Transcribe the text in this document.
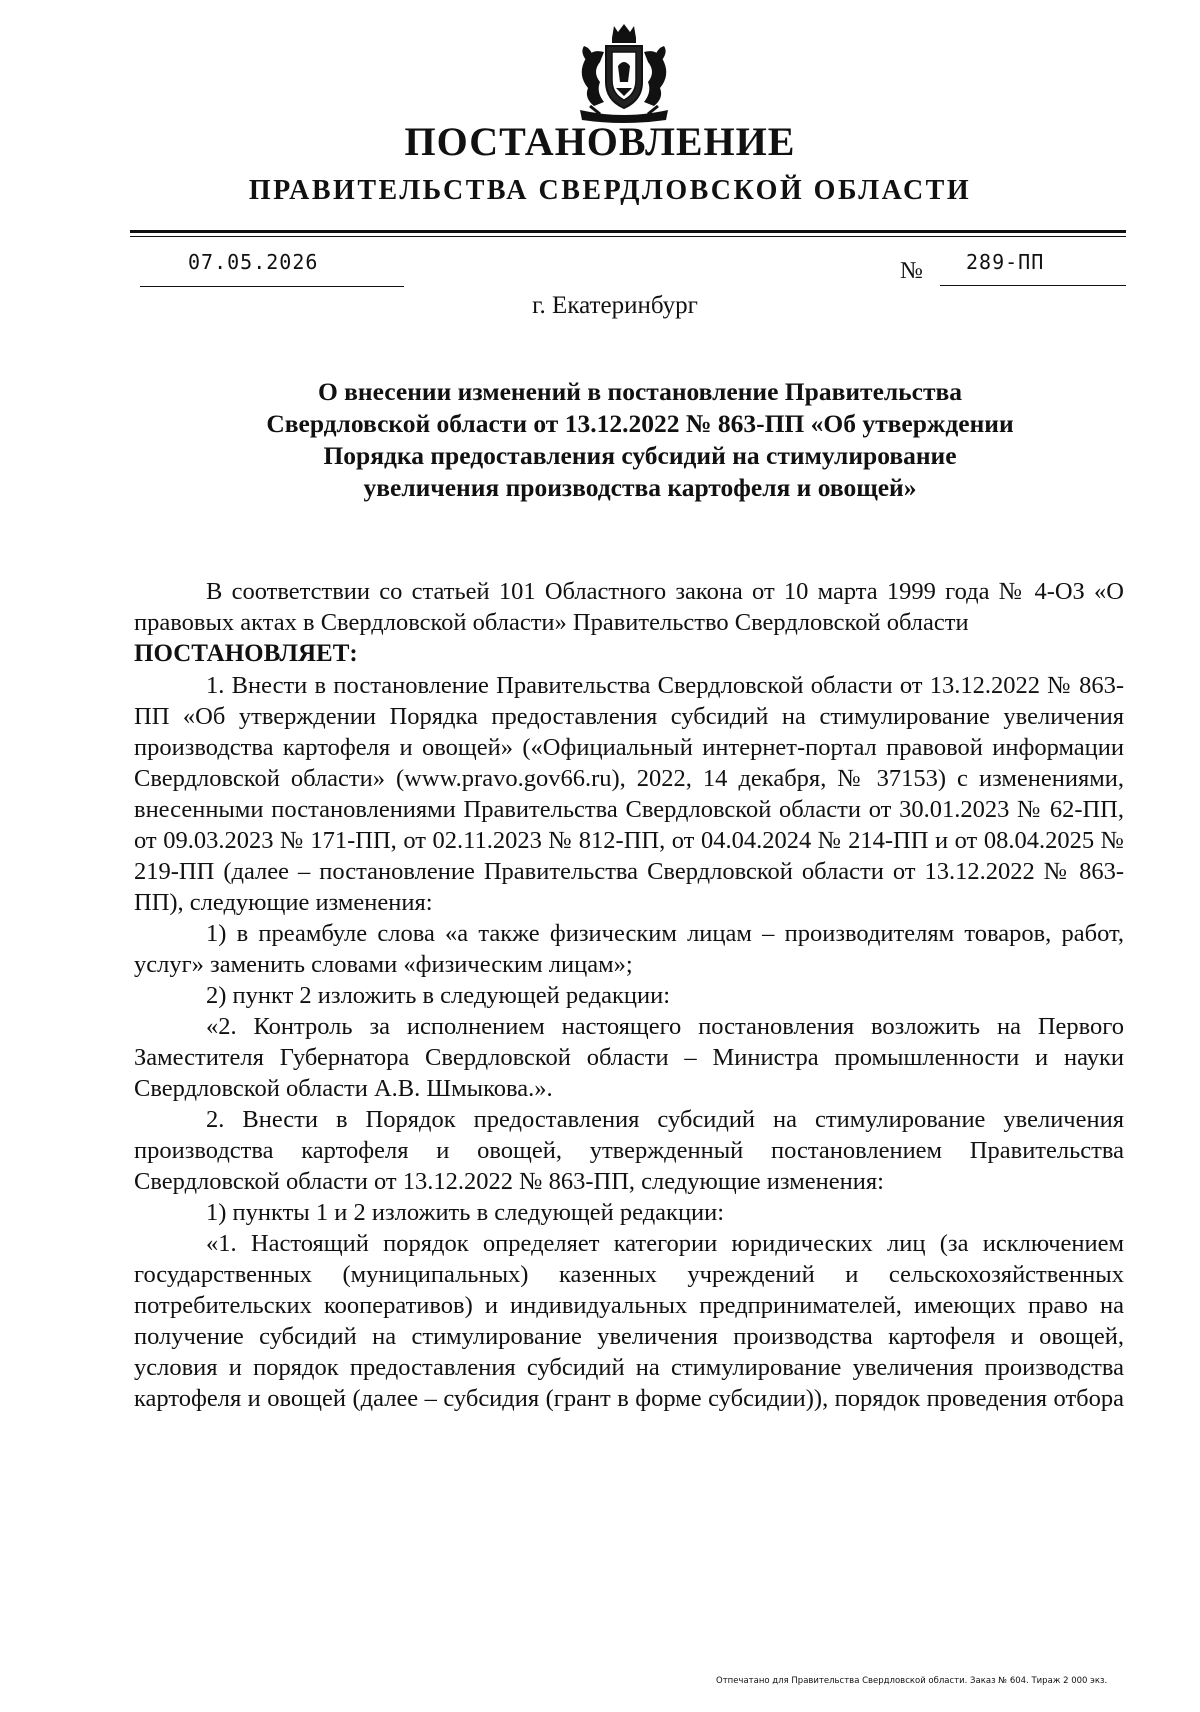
ПОСТАНОВЛЕНИЕ
ПРАВИТЕЛЬСТВА СВЕРДЛОВСКОЙ ОБЛАСТИ
07.05.2026	№ 289-ПП
г. Екатеринбург
О внесении изменений в постановление Правительства
Свердловской области от 13.12.2022 № 863-ПП «Об утверждении
Порядка предоставления субсидий на стимулирование
увеличения производства картофеля и овощей»

В соответствии со статьей 101 Областного закона от 10 марта 1999 года № 4-ОЗ «О правовых актах в Свердловской области» Правительство Свердловской области

ПОСТАНОВЛЯЕТ:

1. Внести в постановление Правительства Свердловской области от 13.12.2022 № 863-ПП «Об утверждении Порядка предоставления субсидий на стимулирование увеличения производства картофеля и овощей» («Официальный интернет-портал правовой информации Свердловской области» (www.pravo.gov66.ru), 2022, 14 декабря, № 37153) с изменениями, внесенными постановлениями Правительства Свердловской области от 30.01.2023 № 62-ПП, от 09.03.2023 № 171-ПП, от 02.11.2023 № 812-ПП, от 04.04.2024 № 214-ПП и от 08.04.2025 № 219-ПП (далее – постановление Правительства Свердловской области от 13.12.2022 № 863-ПП), следующие изменения:

1) в преамбуле слова «а также физическим лицам – производителям товаров, работ, услуг» заменить словами «физическим лицам»;

2) пункт 2 изложить в следующей редакции:

«2. Контроль за исполнением настоящего постановления возложить на Первого Заместителя Губернатора Свердловской области – Министра промышленности и науки Свердловской области А.В. Шмыкова.».

2. Внести в Порядок предоставления субсидий на стимулирование увеличения производства картофеля и овощей, утвержденный постановлением Правительства Свердловской области от 13.12.2022 № 863-ПП, следующие изменения:

1) пункты 1 и 2 изложить в следующей редакции:

«1. Настоящий порядок определяет категории юридических лиц (за исключением государственных (муниципальных) казенных учреждений и сельскохозяйственных потребительских кооперативов) и индивидуальных предпринимателей, имеющих право на получение субсидий на стимулирование увеличения производства картофеля и овощей, условия и порядок предоставления субсидий на стимулирование увеличения производства картофеля и овощей (далее – субсидия (грант в форме субсидии)), порядок проведения отбора

Отпечатано для Правительства Свердловской области. Заказ № 604. Тираж 2 000 экз.
